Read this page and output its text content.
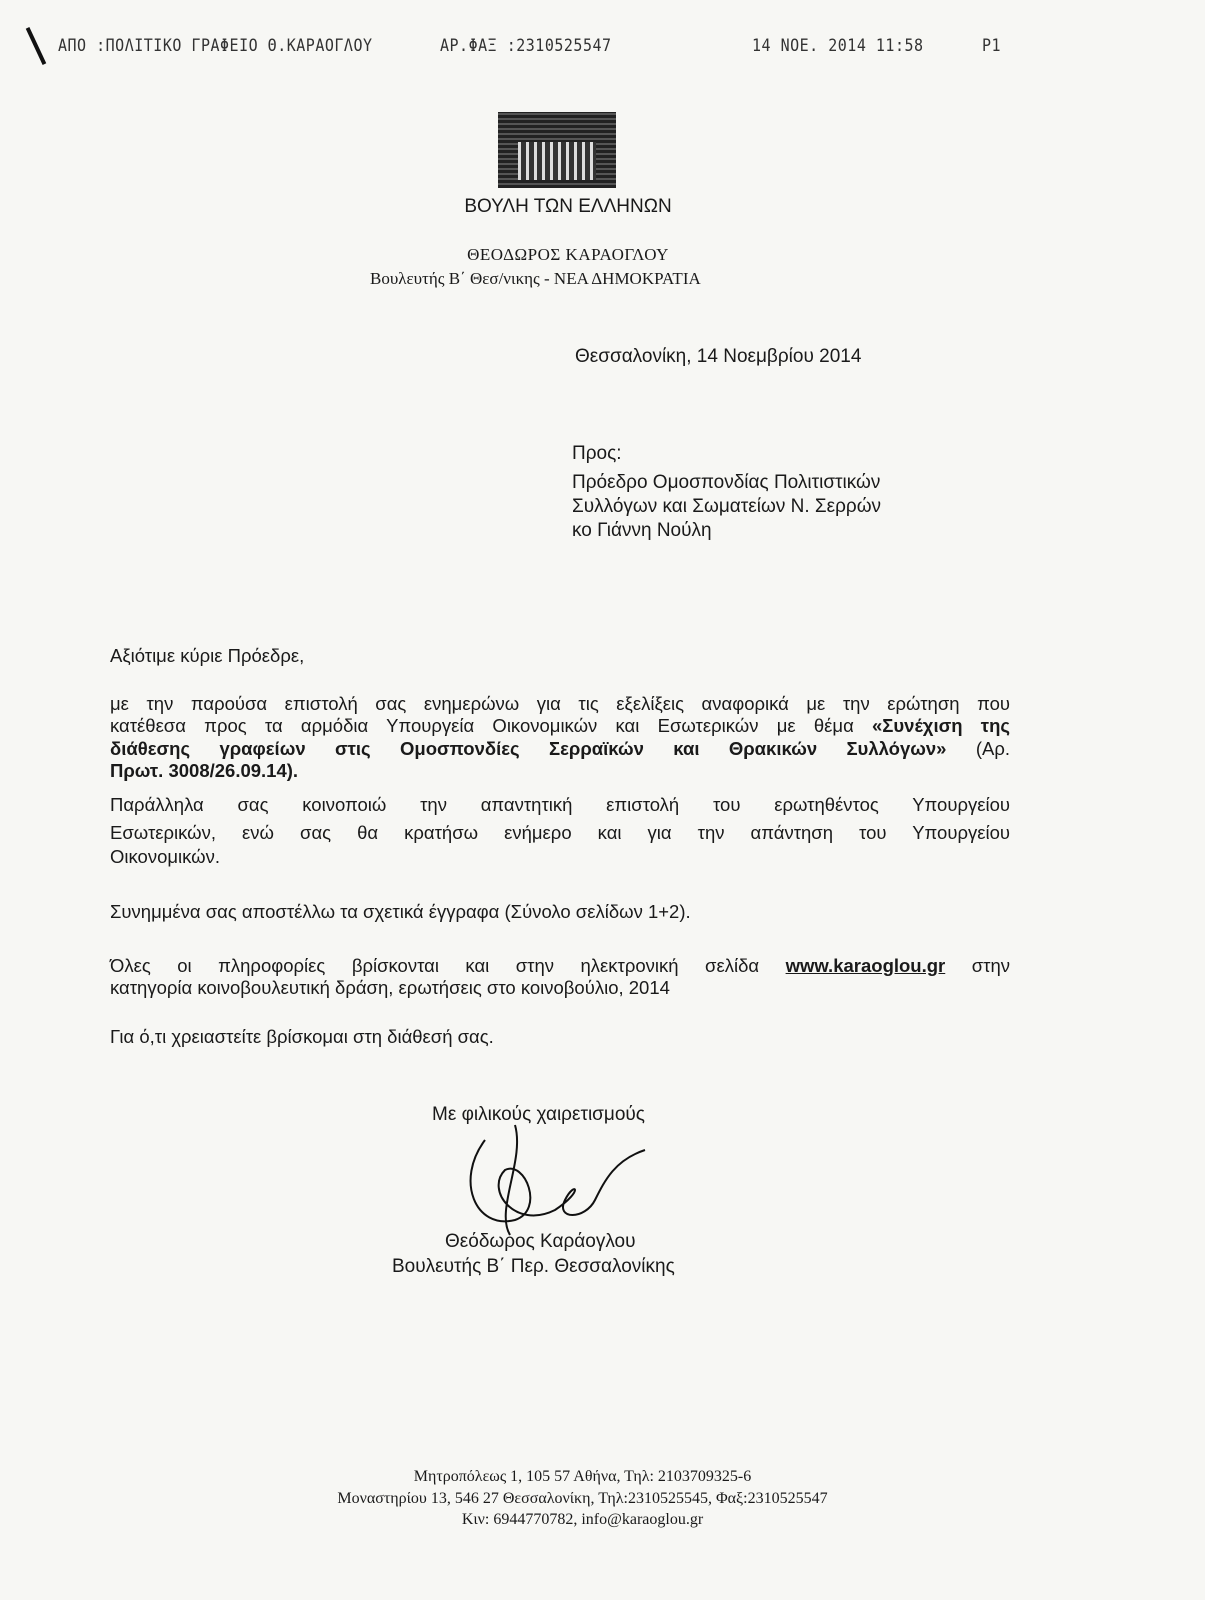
ΑΠΟ :ΠΟΛΙΤΙΚΟ ΓΡΑΦΕΙΟ Θ.ΚΑΡΑΟΓΛΟΥ	ΑΡ.ΦΑΞ :2310525547	14 ΝΟΕ. 2014 11:58	P1
ΒΟΥΛΗ ΤΩΝ ΕΛΛΗΝΩΝ
ΘΕΟΔΩΡΟΣ ΚΑΡΑΟΓΛΟΥ
Βουλευτής Β΄ Θεσ/νικης - ΝΕΑ ΔΗΜΟΚΡΑΤΙΑ
Θεσσαλονίκη, 14 Νοεμβρίου 2014
Προς:
Πρόεδρο Ομοσπονδίας Πολιτιστικών
Συλλόγων και Σωματείων Ν. Σερρών
κο Γιάννη Νούλη
Αξιότιμε κύριε Πρόεδρε,
με την παρούσα επιστολή σας ενημερώνω για τις εξελίξεις αναφορικά με την ερώτηση που
κατέθεσα προς τα αρμόδια Υπουργεία Οικονομικών και Εσωτερικών με θέμα «Συνέχιση της
διάθεσης γραφείων στις Ομοσπονδίες Σερραϊκών και Θρακικών Συλλόγων» (Αρ.
Πρωτ. 3008/26.09.14).
Παράλληλα σας κοινοποιώ την απαντητική επιστολή του ερωτηθέντος Υπουργείου
Εσωτερικών, ενώ σας θα κρατήσω ενήμερο και για την απάντηση του Υπουργείου
Οικονομικών.
Συνημμένα σας αποστέλλω τα σχετικά έγγραφα (Σύνολο σελίδων 1+2).
Όλες οι πληροφορίες βρίσκονται και στην ηλεκτρονική σελίδα www.karaoglou.gr στην
κατηγορία κοινοβουλευτική δράση, ερωτήσεις στο κοινοβούλιο, 2014
Για ό,τι χρειαστείτε βρίσκομαι στη διάθεσή σας.
Με φιλικούς χαιρετισμούς
Θεόδωρος Καράογλου
Βουλευτής Β΄ Περ. Θεσσαλονίκης
Μητροπόλεως 1, 105 57 Αθήνα, Τηλ: 2103709325-6
Μοναστηρίου 13, 546 27 Θεσσαλονίκη, Τηλ:2310525545, Φαξ:2310525547
Κιν: 6944770782, info@karaoglou.gr
